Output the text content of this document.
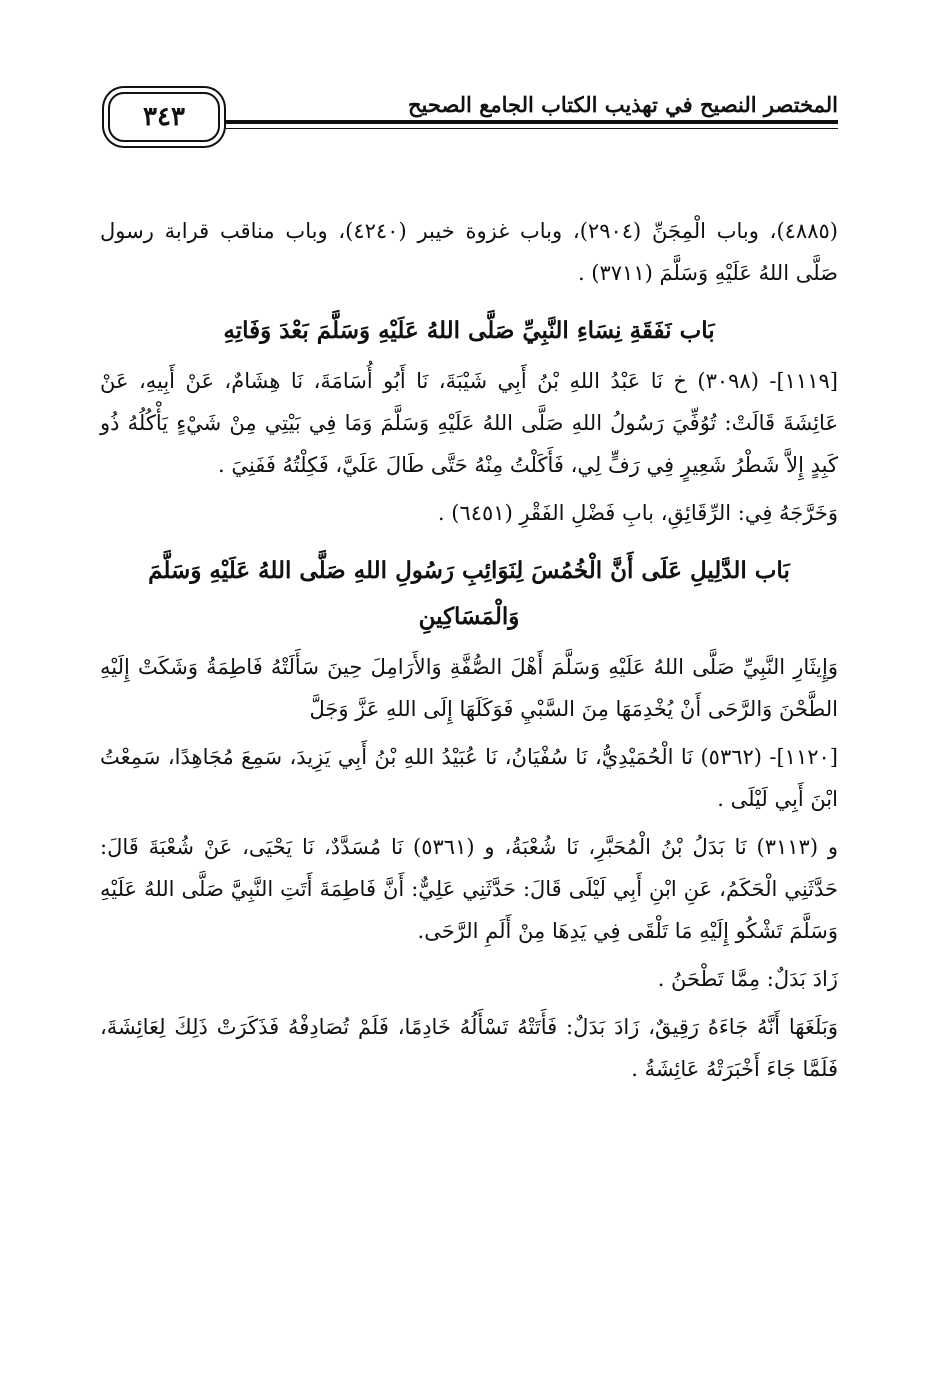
٣٤٣	المختصر النصيح في تهذيب الكتاب الجامع الصحيح

(٤٨٨٥)، وباب الْمِجَنِّ (٢٩٠٤)، وباب غزوة خيبر (٤٢٤٠)، وباب مناقب قرابة رسول صَلَّى اللهُ عَلَيْهِ وَسَلَّمَ (٣٧١١) .

بَاب نَفَقَةِ نِسَاءِ النَّبِيِّ صَلَّى اللهُ عَلَيْهِ وَسَلَّمَ بَعْدَ وَفَاتِهِ

[١١١٩]- (٣٠٩٨) خ نَا عَبْدُ اللهِ بْنُ أَبِي شَيْبَةَ، نَا أَبُو أُسَامَةَ، نَا هِشَامٌ، عَنْ أَبِيهِ، عَنْ عَائِشَةَ قَالَتْ: تُوُفِّيَ رَسُولُ اللهِ صَلَّى اللهُ عَلَيْهِ وَسَلَّمَ وَمَا فِي بَيْتِي مِنْ شَيْءٍ يَأْكُلُهُ ذُو كَبِدٍ إِلاَّ شَطْرُ شَعِيرٍ فِي رَفٍّ لِي، فَأَكَلْتُ مِنْهُ حَتَّى طَالَ عَلَيَّ، فَكِلْتُهُ فَفَنِيَ .

وَخَرَّجَهُ فِي: الرِّقَائِقِ، بابِ فَضْلِ الفَقْرِ (٦٤٥١) .

بَاب الدَّلِيلِ عَلَى أَنَّ الْخُمُسَ لِنَوَائِبِ رَسُولِ اللهِ صَلَّى اللهُ عَلَيْهِ وَسَلَّمَ وَالْمَسَاكِينِ

وَإِيثَارِ النَّبِيِّ صَلَّى اللهُ عَلَيْهِ وَسَلَّمَ أَهْلَ الصُّفَّةِ وَالأَرَامِلَ حِينَ سَأَلَتْهُ فَاطِمَةُ وَشَكَتْ إِلَيْهِ الطَّحْنَ وَالرَّحَى أَنْ يُخْدِمَهَا مِنَ السَّبْيِ فَوَكَلَهَا إِلَى اللهِ عَزَّ وَجَلَّ

[١١٢٠]- (٥٣٦٢) نَا الْحُمَيْدِيُّ، نَا سُفْيَانُ، نَا عُبَيْدُ اللهِ بْنُ أَبِي يَزِيدَ، سَمِعَ مُجَاهِدًا، سَمِعْتُ ابْنَ أَبِي لَيْلَى .

و (٣١١٣) نَا بَدَلُ بْنُ الْمُحَبَّرِ، نَا شُعْبَةُ، و (٥٣٦١) نَا مُسَدَّدٌ، نَا يَحْيَى، عَنْ شُعْبَةَ قَالَ: حَدَّثَنِي الْحَكَمُ، عَنِ ابْنِ أَبِي لَيْلَى قَالَ: حَدَّثَنِي عَلِيٌّ: أَنَّ فَاطِمَةَ أَتَتِ النَّبِيَّ صَلَّى اللهُ عَلَيْهِ وَسَلَّمَ تَشْكُو إِلَيْهِ مَا تَلْقَى فِي يَدِهَا مِنْ أَلَمِ الرَّحَى.

زَادَ بَدَلٌ: مِمَّا تَطْحَنُ .

وَبَلَغَهَا أَنَّهُ جَاءَهُ رَقِيقٌ، زَادَ بَدَلٌ: فَأَتَتْهُ تَسْأَلُهُ خَادِمًا، فَلَمْ تُصَادِفْهُ فَذَكَرَتْ ذَلِكَ لِعَائِشَةَ، فَلَمَّا جَاءَ أَخْبَرَتْهُ عَائِشَةُ .
